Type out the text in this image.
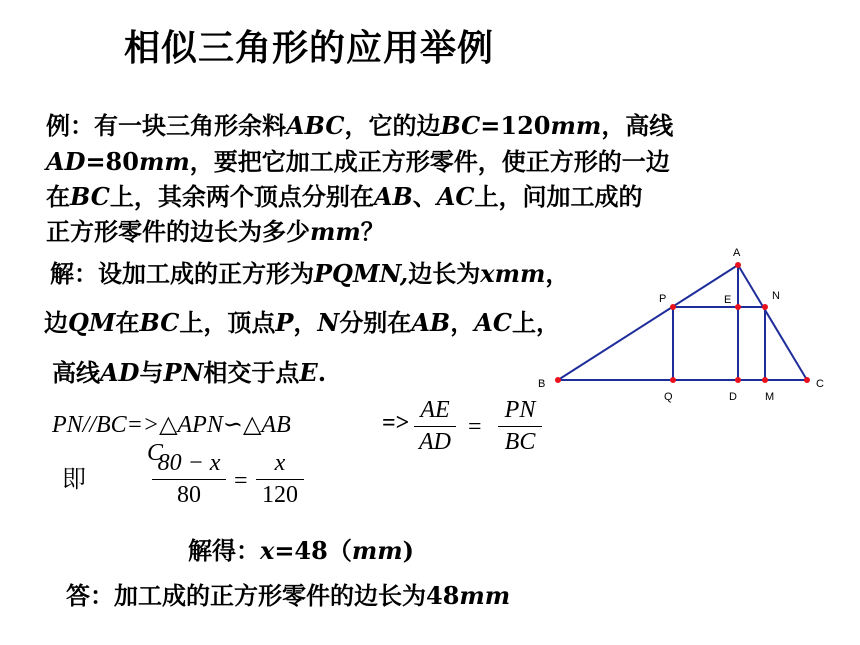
相似三角形的应用举例
例：有一块三角形余料ABC，它的边BC=120mm，高线
AD=80mm，要把它加工成正方形零件，使正方形的一边
在BC上，其余两个顶点分别在AB、AC上，问加工成的
正方形零件的边长为多少mm？
解：设加工成的正方形为PQMN,边长为xmm，
边QM在BC上，顶点P，N分别在AB，AC上，
高线AD与PN相交于点E.
PN//BC=>△APN∽△AB
C
=> AE
AD
=
PN
BC
即
80 − x
80
=
x
120
解得：x=48（mm)
答：加工成的正方形零件的边长为48mm
A
B	C
D
E
P	N
Q	M
